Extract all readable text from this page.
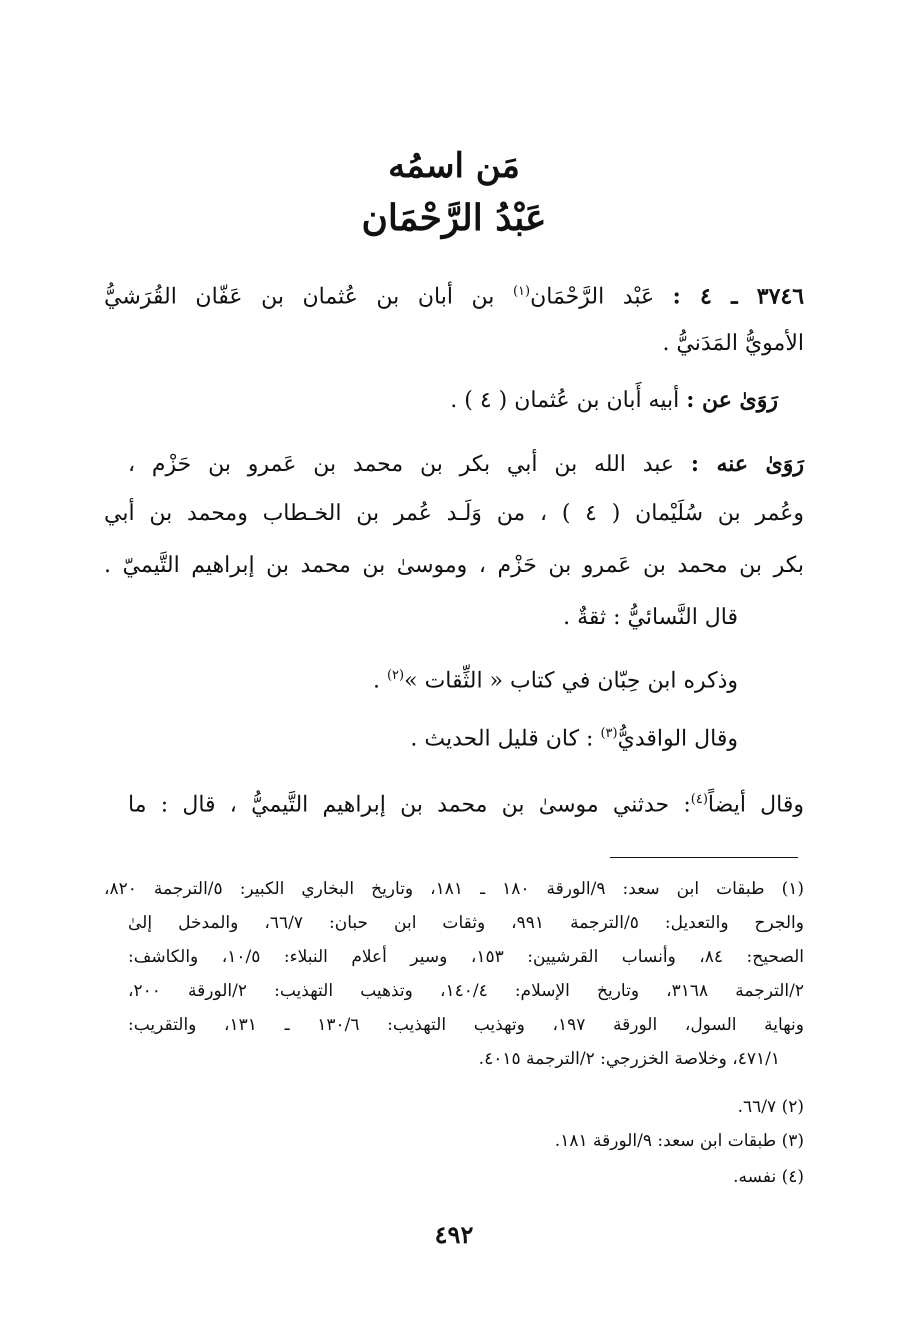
مَن اسمُه
عَبْدُ الرَّحْمَان
٣٧٤٦ ـ ٤ : عَبْد الرَّحْمَان$^{(١)}$ بن أبان بن عُثمان بن عَفّان القُرَشيُّ
الأمويُّ المَدَنيُّ .
رَوَىٰ عن : أبيه أَبان بن عُثمان ( ٤ ) .
رَوَىٰ عنه : عبد الله بن أبي بكر بن محمد بن عَمرو بن حَزْم ،
وعُمر بن سُلَيْمان ( ٤ ) ، من وَلَـد عُمر بن الخـطاب ومحمد بن أبي
بكر بن محمد بن عَمرو بن حَزْم ، وموسىٰ بن محمد بن إبراهيم التَّيميّ .
قال النَّسائيُّ : ثقةٌ .
وذكره ابن حِبّان في كتاب « الثِّقات »$^{(٢)}$ .
وقال الواقديُّ$^{(٣)}$ : كان قليل الحديث .
وقال أيضاً$^{(٤)}$: حدثني موسىٰ بن محمد بن إبراهيم التَّيميُّ ، قال : ما
(١) طبقات ابن سعد: ٩/الورقة ١٨٠ ـ ١٨١، وتاريخ البخاري الكبير: ٥/الترجمة ٨٢٠،
والجرح والتعديل: ٥/الترجمة ٩٩١، وثقات ابن حبان: ٦٦/٧، والمدخل إلىٰ
الصحيح: ٨٤، وأنساب القرشيين: ١٥٣، وسير أعلام النبلاء: ١٠/٥، والكاشف:
٢/الترجمة ٣١٦٨، وتاريخ الإسلام: ١٤٠/٤، وتذهيب التهذيب: ٢/الورقة ٢٠٠،
ونهاية السول، الورقة ١٩٧، وتهذيب التهذيب: ١٣٠/٦ ـ ١٣١، والتقريب:
٤٧١/١، وخلاصة الخزرجي: ٢/الترجمة ٤٠١٥.
(٢) ٦٦/٧.
(٣) طبقات ابن سعد: ٩/الورقة ١٨١.
(٤) نفسه.
٤٩٢
